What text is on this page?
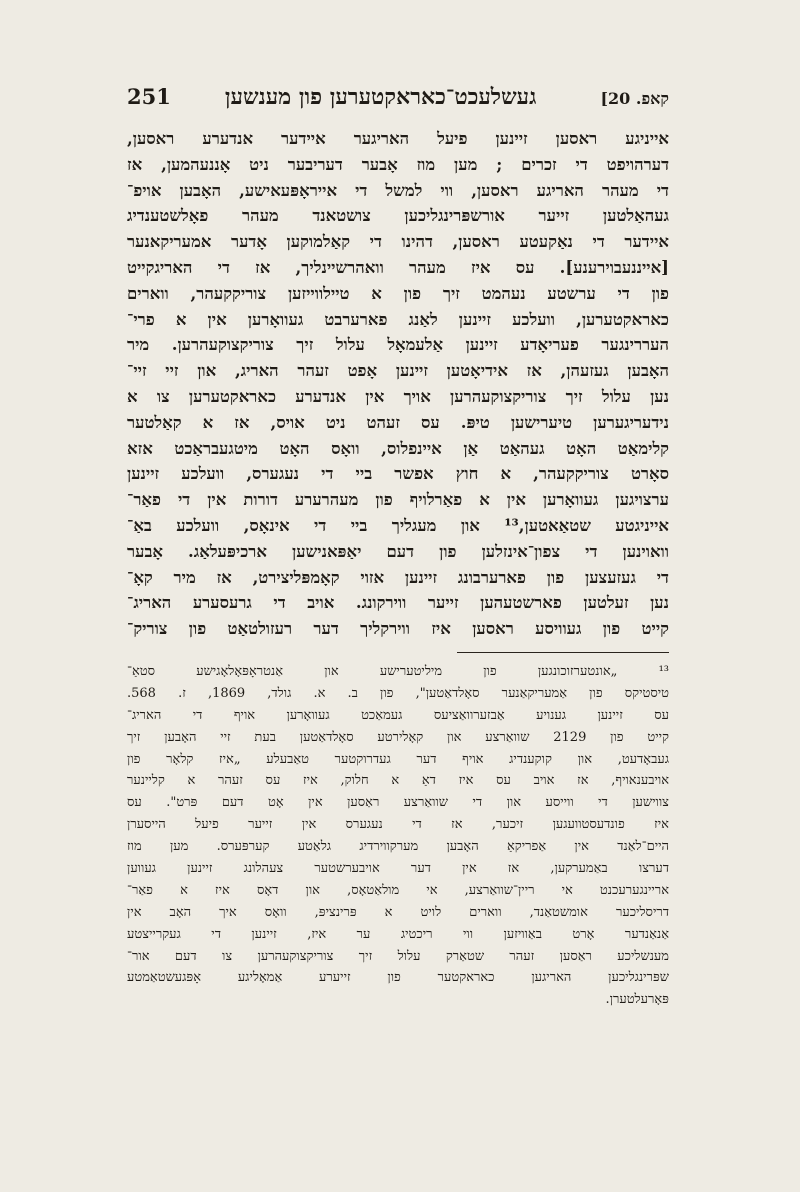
קאפ. 20]
געשלעכט־כאראקטערען פון מענשען
251
אייניגע ראסען זיינען פיעל האריגער איידער אנדערע ראסען,
דערהויפט די זכרים ; מען מוז אָבער דעריבער ניט אָננעהמען, אז
די מעהר האריגע ראסען, ווי למשל די אייראָפּעאישע, האָבען אויפ־
געהאַלטען זייער אורשפּרינגליכען צושטאנד מעהר פאָלשטענדיג
איידער די נאַקעטע ראסען, דהינו די קאַלמוקען אָדער אמעריקאנער
[אייננעבוירענע]. עס איז מעהר וואהרשיינליך, אז די האריגקייט
פון די ערשטע נעהמט זיך פון א טיילווייזען צוריקקעהר, ווארים
כאראקטערען, וועלכע זיינען לאַנג פארערבט געוואָרען אין א פרי־
העררינגער פעריאָדע זיינען אַלעמאָל עלול זיך צוריקצוקעהרען. מיר
האָבען געזעהן, אז אידיאָטען זיינען אָפט זעהר האריג, און זיי זיי־
נען עלול זיך צוריקצוקעהרען אויך אין אנדערע כאראקטערען צו א
נידעריגערען טיערישען טיפּ. עס זעהט ניט אויס, אז א קאַלטער
קלימאַט האָט געהאַט אַן איינפלוס, וואָס האָט מיטגעבראַכט אזא
סאָרט צוריקקעהר, א חוץ אפשר ביי די נעגערס, וועלכע זיינען
ערצויגען געוואָרען אין א פאַרלויף פון מעהרערע דורות אין די פאַר־
אייניגטע שטאַאטען,¹³ און מעגליך ביי די אינאָס, וועלכע באַ־
וואוינען די צפון־אינזלען פון דעם יאַפּאנישען ארכיפּעלאַג. אָבער
די געזעצען פון פארערבונג זיינען אזוי קאָמפּליצירט, אז מיר קאָ־
נען זעלטען פארשטעהען זייער ווירקונג. אויב די גרעסערע האריג־
קייט פון געוויסע ראסען איז ווירקליך דער רעזולטאַט פון צוריק־
¹³ „אונטערזוכונגען פון מיליטערישע און אַנטראָפּאָלאָגישע סטאַ־
טיסטיקס פון אַמעריקאַנער סאָלדאַטען", פון ב. א. גולד, 1869, ז. 568.
עס זיינען גענויע אַבזערוואַציעס געמאַכט געוואָרען אויף די האריג־
קייט פון 2129 שוואַרצע און קאָלירטע סאָלדאַטען בעת זיי האָבען זיך
געבאָדעט, און קוקענדיג אויף דער געדרוקטער טאַבעלע „איז קלאָר פון
אויבענאויף, אז אויב עס איז דאַ א חלוק, איז עס זעהר א קליינער
צווישען די ווייסע און די שוואַרצע ראַסען אין אָט דעם פּרט". עס
איז פונדעסטוועגען זיכער, אז די נעגערס אין זייער פיעל הייסערן
היים־לאַנד אין אַפריקאַ האָבען מערקווירדיג גלאַטע קערפּערס. מען מוז
דערצו באַמערקען, אז אין דער אויבערשטער צעהלונג זיינען געווען
אריינגערעכנט אי ריין־שוואַרצע, אי מולאַטאָס, און דאָס איז א פאַר־
דריסליכער אומשטאַנד, ווארים לויט א פּרינציפּ, וואָס איך האָב אין
אַנאַנדער אָרט באַוויזען ווי ריכטיג ער איז, זיינען די געקרייצטע
מענשליכע ראַסען זעהר שטאַרק עלול זיך צוריקצוקעהרען צו דעם אור־
שפּרינגליכען האריגען כאראקטער פון זייערע אַמאָליגע אָפּגעשטאַמטע
פּאָרעלטערן.
